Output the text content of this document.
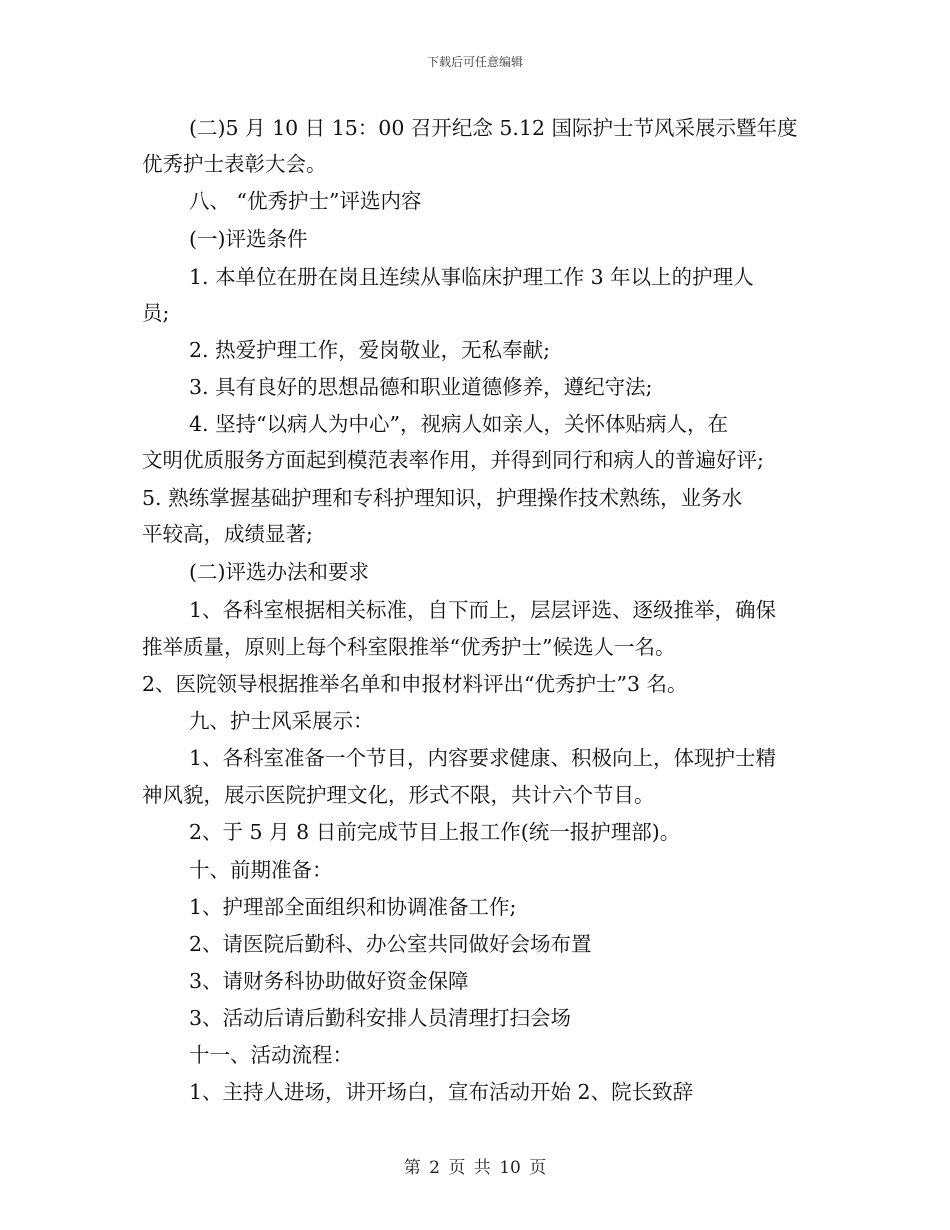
下载后可任意编辑
(二)5 月 10 日 15：00 召开纪念 5.12 国际护士节风采展示暨年度
优秀护士表彰大会。
八、 “优秀护士”评选内容
(一)评选条件
1. 本单位在册在岗且连续从事临床护理工作 3 年以上的护理人
员;
2. 热爱护理工作，爱岗敬业，无私奉献;
3. 具有良好的思想品德和职业道德修养，遵纪守法;
4. 坚持“以病人为中心”，视病人如亲人，关怀体贴病人，在
文明优质服务方面起到模范表率作用，并得到同行和病人的普遍好评;
5. 熟练掌握基础护理和专科护理知识，护理操作技术熟练，业务水
平较高，成绩显著;
(二)评选办法和要求
1、各科室根据相关标准，自下而上，层层评选、逐级推举，确保
推举质量，原则上每个科室限推举“优秀护士”候选人一名。
2、医院领导根据推举名单和申报材料评出“优秀护士”3 名。
九、护士风采展示：
1、各科室准备一个节目，内容要求健康、积极向上，体现护士精
神风貌，展示医院护理文化，形式不限，共计六个节目。
2、于 5 月 8 日前完成节目上报工作(统一报护理部)。
十、前期准备：
1、护理部全面组织和协调准备工作;
2、请医院后勤科、办公室共同做好会场布置
3、请财务科协助做好资金保障
3、活动后请后勤科安排人员清理打扫会场
十一、活动流程：
1、主持人进场，讲开场白，宣布活动开始 2、院长致辞
第 2 页 共 10 页
